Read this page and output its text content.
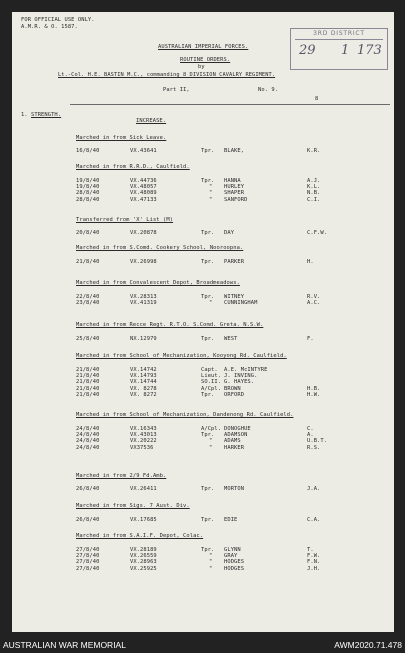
FOR OFFICIAL USE ONLY.
A.M.R. & O. 1587.
3RD DISTRICT
29 1 173
AUSTRALIAN IMPERIAL FORCES.
ROUTINE ORDERS.
by
Lt.-Col. H.E. BASTIN M.C., commanding 8 DIVISION CAVALRY REGIMENT.
Part II,	No. 9.
8
1. STRENGTH.
INCREASE.
Marched in from Sick Leave.
16/8/40	VX.43641	Tpr. BLAKE,	K.R.
Marched in from R.R.D., Caulfield.
19/8/40	VX.44736	Tpr. HANNA	A.J.
19/8/40	VX.48057	" HURLEY	K.L.
28/8/40	VX.48089	" SHAPER	N.B.
28/8/40	VX.47133	" SANFORD	C.I.
Transferred from 'X' List (M)
20/8/40	VX.20878	Tpr. DAY	C.F.W.
Marched in from S.Comd. Cookery School, Nooroopna.
21/8/40	VX.26998	Tpr. PARKER	H.
Marched in from Convalescent Depot, Broadmeadows.
22/8/40	VX.28313	Tpr. WITNEY	R.V.
23/8/40	VX.41319	" CUNNINGHAM	A.C.
Marched in from Recce Regt. R.T.O. S.Comd. Greta. N.S.W.
25/8/40	NX.12979	Tpr. WEST	F.
Marched in from School of Mechanization, Kooyong Rd. Caulfield.
21/8/40	VX.14742	Capt. A.E. McINTYRE
21/8/40	VX.14793	Lieut. J. INVING.
21/8/40	VX.14744	SO.II. G. HAYES.
21/8/40	VX. 8278	A/Cpl. BROWN	H.B.
21/8/40	VX. 8272	Tpr. ORFORD	H.W.
Marched in from School of Mechanization, Dandenong Rd. Caulfield.
24/8/40	VX.16343	A/Cpl. DONOGHUE	C.
24/8/40	VX.43013	Tpr. ADAMSON	A.
24/8/40	VX.20222	" ADAMS	U.B.T.
24/8/40	VX37536	" HARKER	R.S.
Marched in from 2/9 Fd.Amb.
26/8/40	VX.26411	Tpr. MORTON	J.A.
Marched in from Sigs. 7 Aust. Div.
26/8/40	VX.17685	Tpr. EDIE	C.A.
Marched in from S.A.I.F. Depot, Colac.
27/8/40	VX.28189	Tpr. GLYNN	T.
27/8/40	VX.26559	" GRAY	F.W.
27/8/40	VX.28963	" HODGES	F.N.
27/8/40	VX.25925	" HODGES	J.H.
AUSTRALIAN WAR MEMORIAL	AWM2020.71.478
